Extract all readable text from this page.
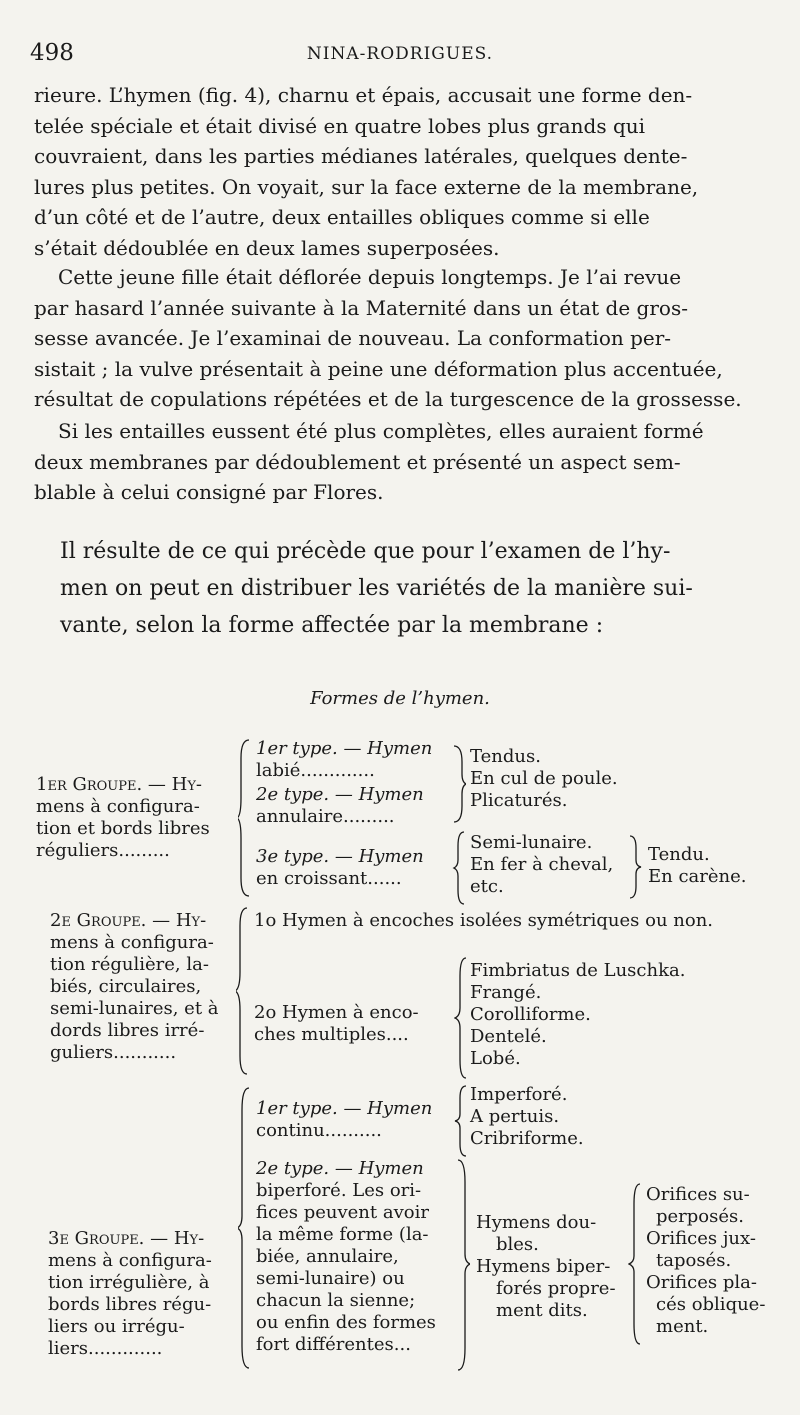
498	NINA-RODRIGUES.
rieure. L’hymen (fig. 4), charnu et épais, accusait une forme den-
telée spéciale et était divisé en quatre lobes plus grands qui
couvraient, dans les parties médianes latérales, quelques dente-
lures plus petites. On voyait, sur la face externe de la membrane,
d’un côté et de l’autre, deux entailles obliques comme si elle
s’était dédoublée en deux lames superposées.
Cette jeune fille était déflorée depuis longtemps. Je l’ai revue
par hasard l’année suivante à la Maternité dans un état de gros-
sesse avancée. Je l’examinai de nouveau. La conformation per-
sistait ; la vulve présentait à peine une déformation plus accentuée,
résultat de copulations répétées et de la turgescence de la grossesse.
Si les entailles eussent été plus complètes, elles auraient formé
deux membranes par dédoublement et présenté un aspect sem-
blable à celui consigné par Flores.
Il résulte de ce qui précède que pour l’examen de l’hy-
men on peut en distribuer les variétés de la manière sui-
vante, selon la forme affectée par la membrane :
Formes de l’hymen.
1er Groupe. — Hy-
mens à configura-
tion et bords libres
réguliers.........
1er type. — Hymen
labié.............
2e type. — Hymen
annulaire.........
3e type. — Hymen
en croissant......
Tendus.
En cul de poule.
Plicaturés.
Semi-lunaire.
En fer à cheval,
etc.
Tendu.
En carène.
2e Groupe. — Hy-
mens à configura-
tion régulière, la-
biés, circulaires,
semi-lunaires, et à
dords libres irré-
guliers...........
1o Hymen à encoches isolées symétriques ou non.
2o Hymen à enco-
ches multiples....
Fimbriatus de Luschka.
Frangé.
Corolliforme.
Dentelé.
Lobé.
3e Groupe. — Hy-
mens à configura-
tion irrégulière, à
bords libres régu-
liers ou irrégu-
liers.............
1er type. — Hymen
continu..........
Imperforé.
A pertuis.
Cribriforme.
2e type. — Hymen
biperforé. Les ori-
fices peuvent avoir
la même forme (la-
biée, annulaire,
semi-lunaire) ou
chacun la sienne;
ou enfin des formes
fort différentes...
Hymens dou-
bles.
Hymens biper-
forés propre-
ment dits.
Orifices su-
perposés.
Orifices jux-
taposés.
Orifices pla-
cés oblique-
ment.
